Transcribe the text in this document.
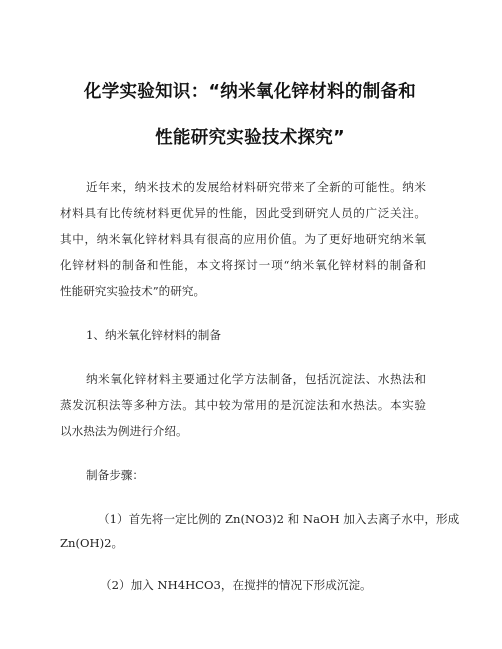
化学实验知识：“纳米氧化锌材料的制备和
性能研究实验技术探究”
近年来，纳米技术的发展给材料研究带来了全新的可能性。纳米
材料具有比传统材料更优异的性能，因此受到研究人员的广泛关注。
其中，纳米氧化锌材料具有很高的应用价值。为了更好地研究纳米氧
化锌材料的制备和性能，本文将探讨一项“纳米氧化锌材料的制备和
性能研究实验技术”的研究。
1、纳米氧化锌材料的制备
纳米氧化锌材料主要通过化学方法制备，包括沉淀法、水热法和
蒸发沉积法等多种方法。其中较为常用的是沉淀法和水热法。本实验
以水热法为例进行介绍。
制备步骤：
（1）首先将一定比例的 Zn(NO3)2 和 NaOH 加入去离子水中，形成
Zn(OH)2。
（2）加入 NH4HCO3，在搅拌的情况下形成沉淀。
